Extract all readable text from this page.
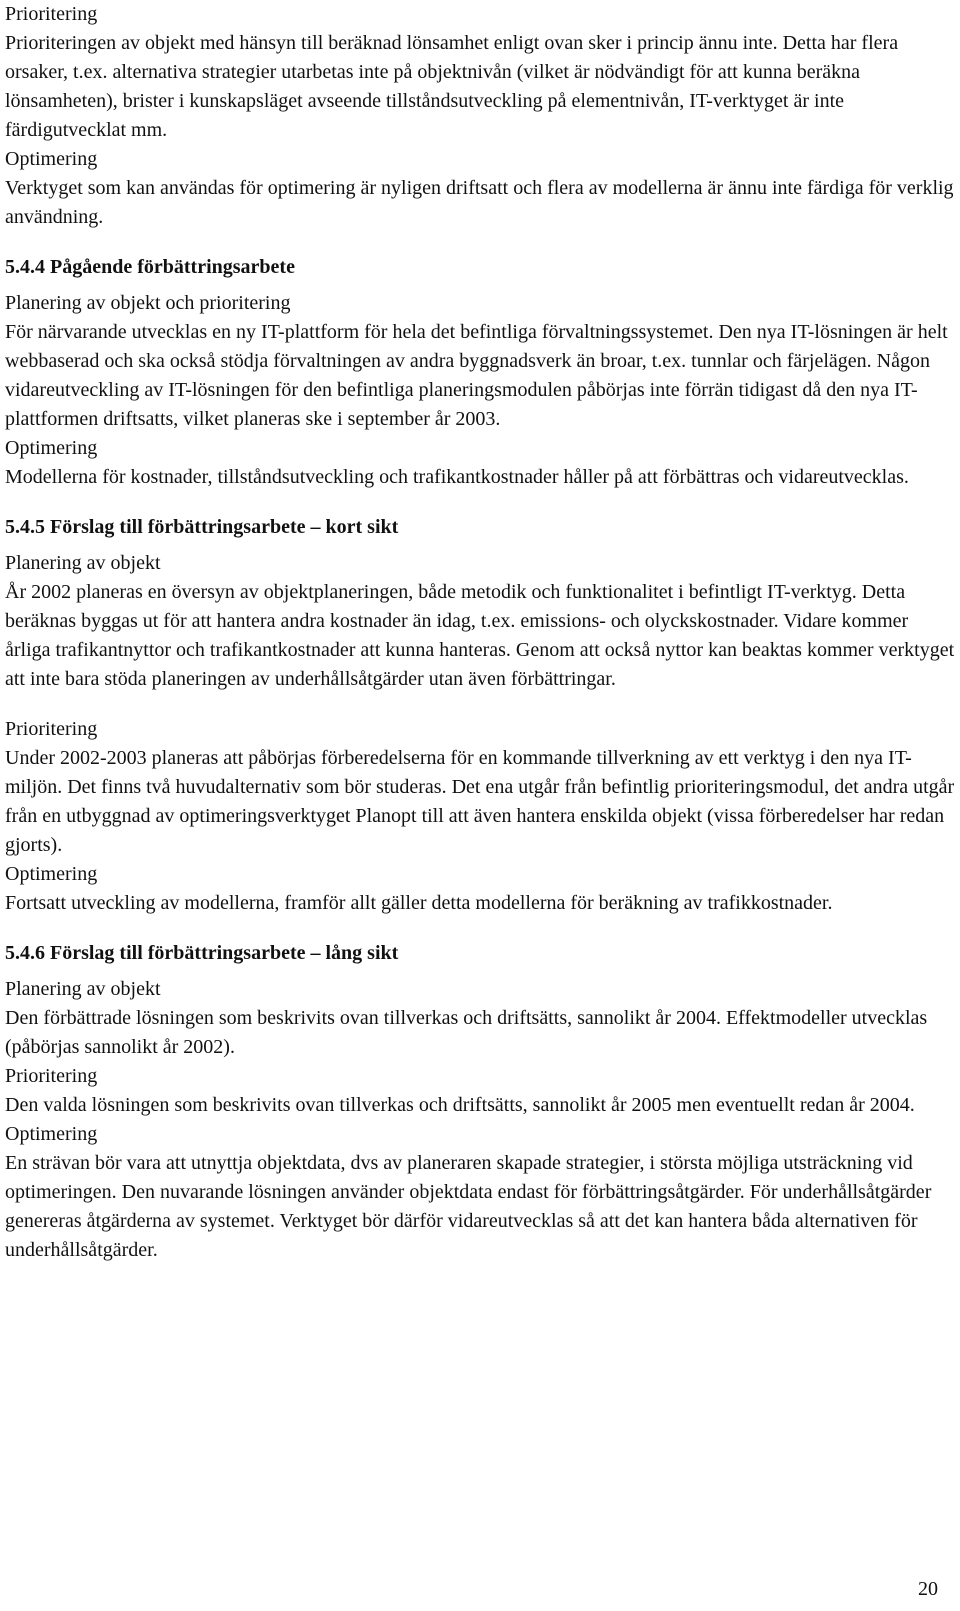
Prioritering

Prioriteringen av objekt med hänsyn till beräknad lönsamhet enligt ovan sker i princip ännu inte. Detta har flera orsaker, t.ex. alternativa strategier utarbetas inte på objektnivån (vilket är nödvändigt för att kunna beräkna lönsamheten), brister i kunskapsläget avseende tillståndsutveckling på elementnivån, IT-verktyget är inte färdigutvecklat mm.

Optimering

Verktyget som kan användas för optimering är nyligen driftsatt och flera av modellerna är ännu inte färdiga för verklig användning.

5.4.4 Pågående förbättringsarbete

Planering av objekt och prioritering

För närvarande utvecklas en ny IT-plattform för hela det befintliga förvaltningssystemet. Den nya IT-lösningen är helt webbaserad och ska också stödja förvaltningen av andra byggnadsverk än broar, t.ex. tunnlar och färjelägen. Någon vidareutveckling av IT-lösningen för den befintliga planeringsmodulen påbörjas inte förrän tidigast då den nya IT-plattformen driftsatts, vilket planeras ske i september år 2003.

Optimering

Modellerna för kostnader, tillståndsutveckling och trafikantkostnader håller på att förbättras och vidareutvecklas.

5.4.5 Förslag till förbättringsarbete – kort sikt

Planering av objekt

År 2002 planeras en översyn av objektplaneringen, både metodik och funktionalitet i befintligt IT-verktyg. Detta beräknas byggas ut för att hantera andra kostnader än idag, t.ex. emissions- och olyckskostnader. Vidare kommer årliga trafikantnyttor och trafikantkostnader att kunna hanteras. Genom att också nyttor kan beaktas kommer verktyget att inte bara stöda planeringen av underhållsåtgärder utan även förbättringar.

Prioritering

Under 2002-2003 planeras att påbörjas förberedelserna för en kommande tillverkning av ett verktyg i den nya IT-miljön. Det finns två huvudalternativ som bör studeras. Det ena utgår från befintlig prioriteringsmodul, det andra utgår från en utbyggnad av optimeringsverktyget Planopt till att även hantera enskilda objekt (vissa förberedelser har redan gjorts).

Optimering

Fortsatt utveckling av modellerna, framför allt gäller detta modellerna för beräkning av trafikkostnader.

5.4.6 Förslag till förbättringsarbete – lång sikt

Planering av objekt

Den förbättrade lösningen som beskrivits ovan tillverkas och driftsätts, sannolikt år 2004. Effektmodeller utvecklas (påbörjas sannolikt år 2002).

Prioritering

Den valda lösningen som beskrivits ovan tillverkas och driftsätts, sannolikt år 2005 men eventuellt redan år 2004.

Optimering

En strävan bör vara att utnyttja objektdata, dvs av planeraren skapade strategier, i största möjliga utsträckning vid optimeringen. Den nuvarande lösningen använder objektdata endast för förbättringsåtgärder. För underhållsåtgärder genereras åtgärderna av systemet. Verktyget bör därför vidareutvecklas så att det kan hantera båda alternativen för underhållsåtgärder.

20
